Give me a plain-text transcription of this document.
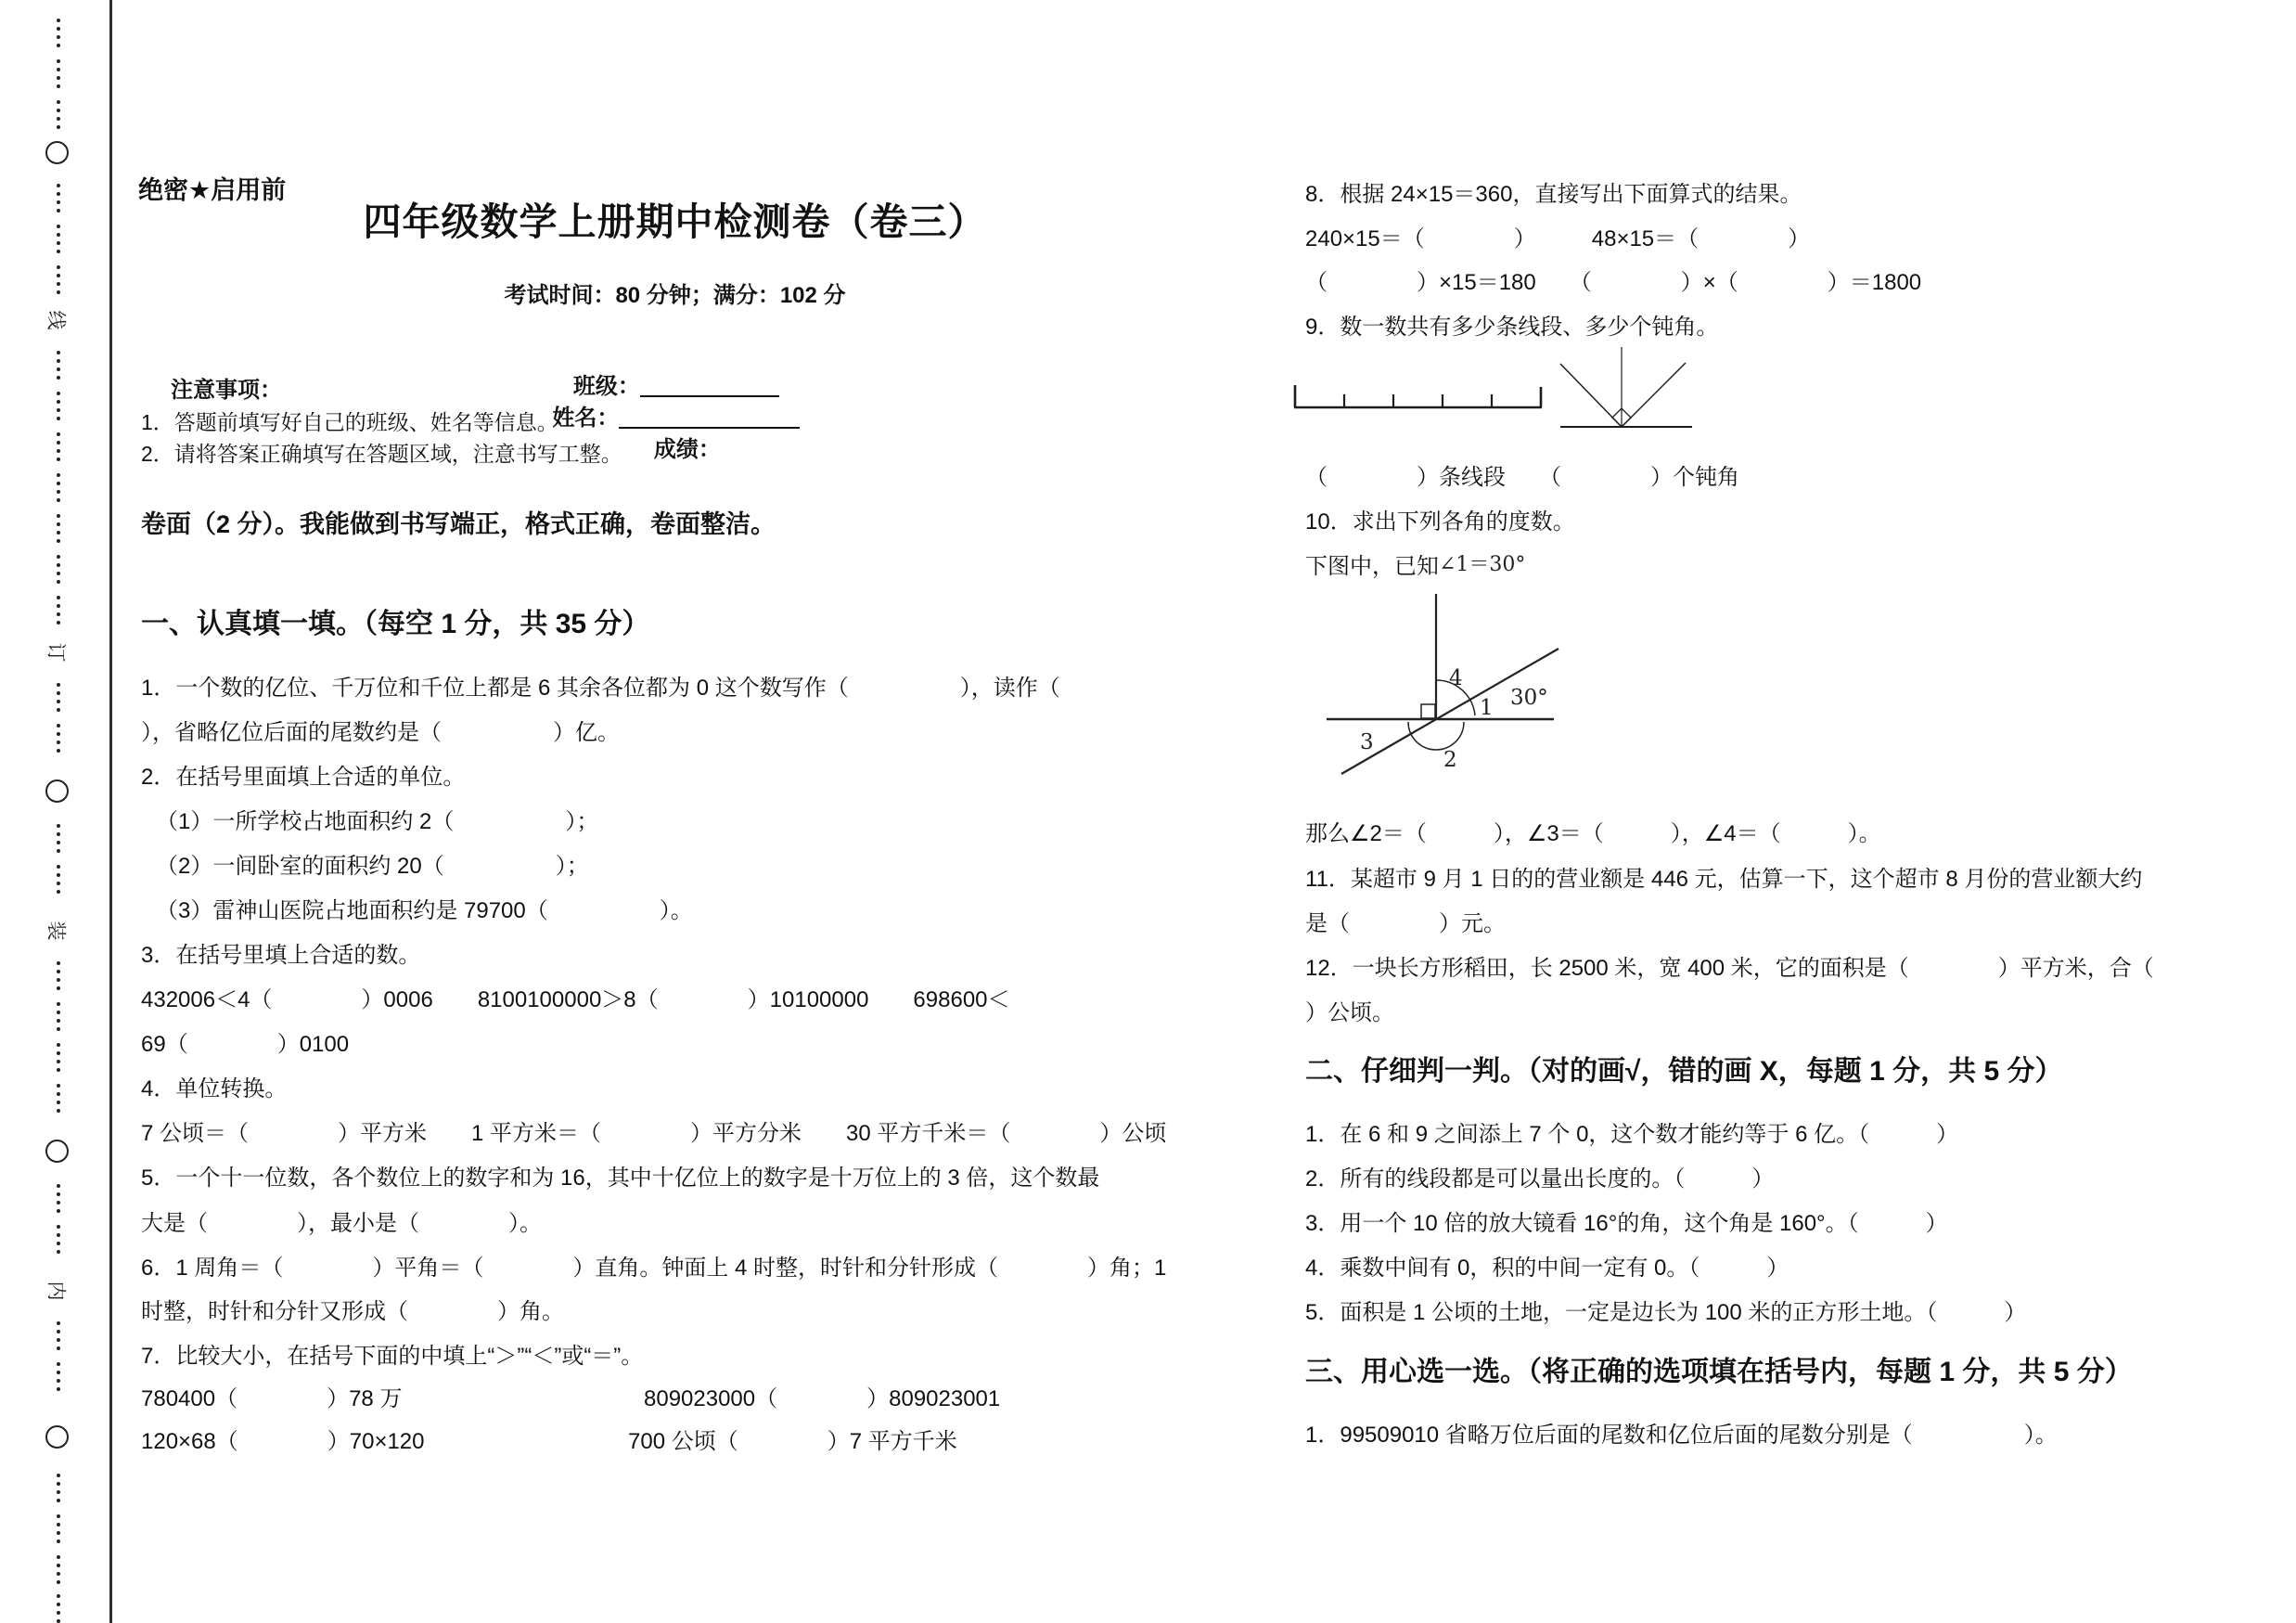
线
订
装
内
绝密★启用前
四年级数学上册期中检测卷（卷三）
考试时间：80 分钟；满分：102 分

班级：　
姓名：　
成绩：

注意事项：
1．答题前填写好自己的班级、姓名等信息。
2．请将答案正确填写在答题区域，注意书写工整。
卷面（2 分）。我能做到书写端正，格式正确，卷面整洁。
一、认真填一填。（每空 1 分，共 35 分）
1．一个数的亿位、千万位和千位上都是 6 其余各位都为 0 这个数写作（　　　　　），读作（
），省略亿位后面的尾数约是（　　　　　）亿。
2．在括号里面填上合适的单位。
（1）一所学校占地面积约 2（　　　　　）；
（2）一间卧室的面积约 20（　　　　　）；
（3）雷神山医院占地面积约是 79700（　　　　　）。
3．在括号里填上合适的数。
432006＜4（　　　　）0006　　8100100000＞8（　　　　）10100000　　698600＜
69（　　　　）0100
4．单位转换。
7 公顷＝（　　　　）平方米　　1 平方米＝（　　　　）平方分米　　30 平方千米＝（　　　　）公顷
5．一个十一位数，各个数位上的数字和为 16，其中十亿位上的数字是十万位上的 3 倍，这个数最
大是（　　　　），最小是（　　　　）。
6．1 周角＝（　　　　）平角＝（　　　　）直角。钟面上 4 时整，时针和分针形成（　　　　）角；1
时整，时针和分针又形成（　　　　）角。
7．比较大小，在括号下面的中填上“＞”“＜”或“＝”。
780400（　　　　）78 万	809023000（　　　　）809023001
120×68（　　　　）70×120	700 公顷（　　　　）7 平方千米
8．根据 24×15＝360，直接写出下面算式的结果。
240×15＝（　　　　）　　　48×15＝（　　　　）
（　　　　）×15＝180　　（　　　　）×（　　　　）＝1800
9．数一数共有多少条线段、多少个钝角。
（　　　　）条线段　　（　　　　）个钝角
10．求出下列各角的度数。
下图中，已知∠1＝30°
4
1 30°
3
2
那么∠2＝（　　　），∠3＝（　　　），∠4＝（　　　）。
11．某超市 9 月 1 日的的营业额是 446 元，估算一下，这个超市 8 月份的营业额大约
是（　　　　）元。
12．一块长方形稻田，长 2500 米，宽 400 米，它的面积是（　　　　）平方米，合（
）公顷。
二、仔细判一判。（对的画√，错的画 X，每题 1 分，共 5 分）
1．在 6 和 9 之间添上 7 个 0，这个数才能约等于 6 亿。（　　　）
2．所有的线段都是可以量出长度的。（　　　）
3．用一个 10 倍的放大镜看 16°的角，这个角是 160°。（　　　）
4．乘数中间有 0，积的中间一定有 0。（　　　）
5．面积是 1 公顷的土地，一定是边长为 100 米的正方形土地。（　　　）
三、用心选一选。（将正确的选项填在括号内，每题 1 分，共 5 分）
1．99509010 省略万位后面的尾数和亿位后面的尾数分别是（　　　　　）。
